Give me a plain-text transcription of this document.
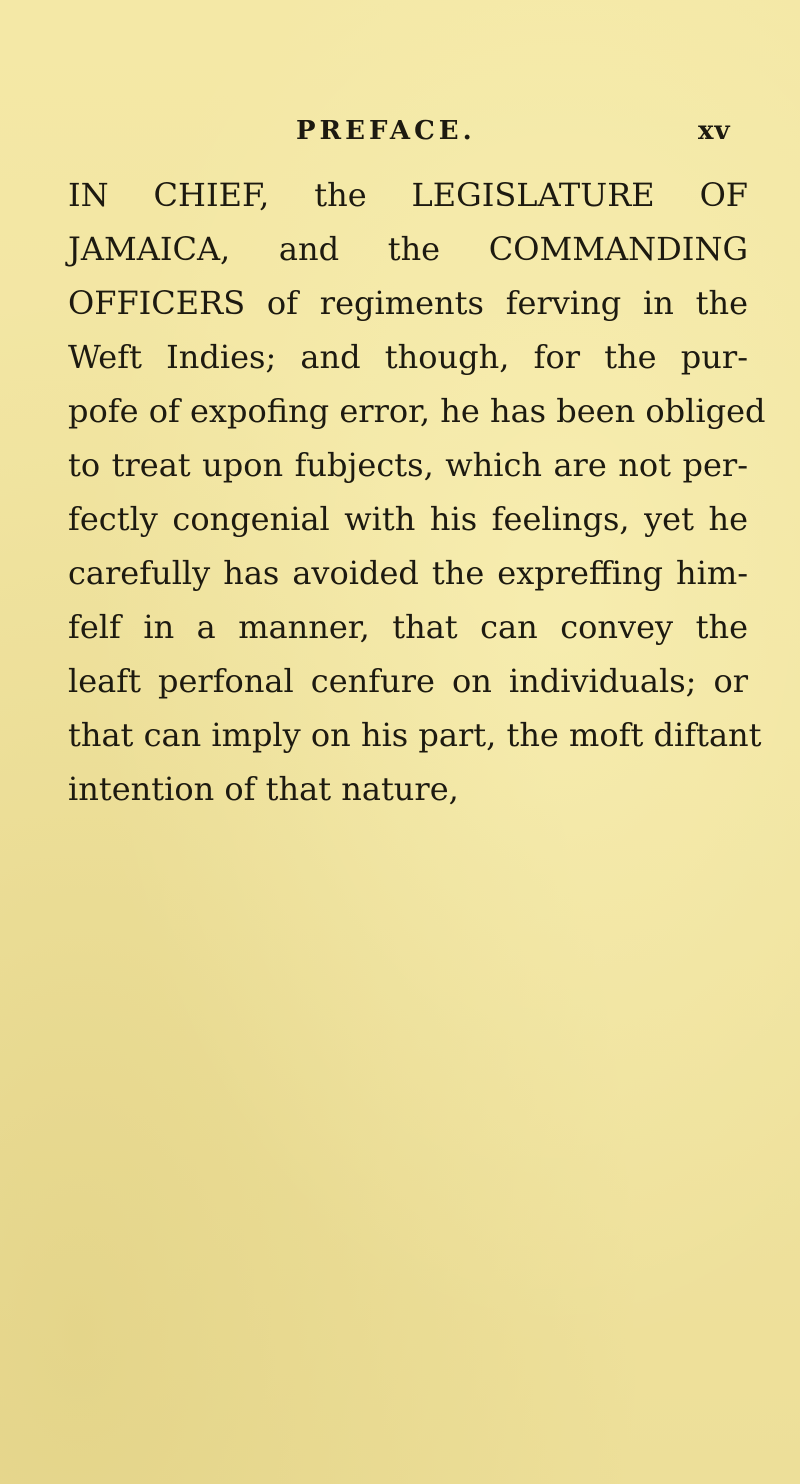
PREFACE.	xv
IN CHIEF, the LEGISLATURE OF
JAMAICA, and the COMMANDING
OFFICERS of regiments ferving in the
Weft Indies; and though, for the pur-
pofe of expofing error, he has been obliged
to treat upon fubjects, which are not per-
fectly congenial with his feelings, yet he
carefully has avoided the expreffing him-
felf in a manner, that can convey the
leaft perfonal cenfure on individuals; or
that can imply on his part, the moft diftant
intention of that nature,
